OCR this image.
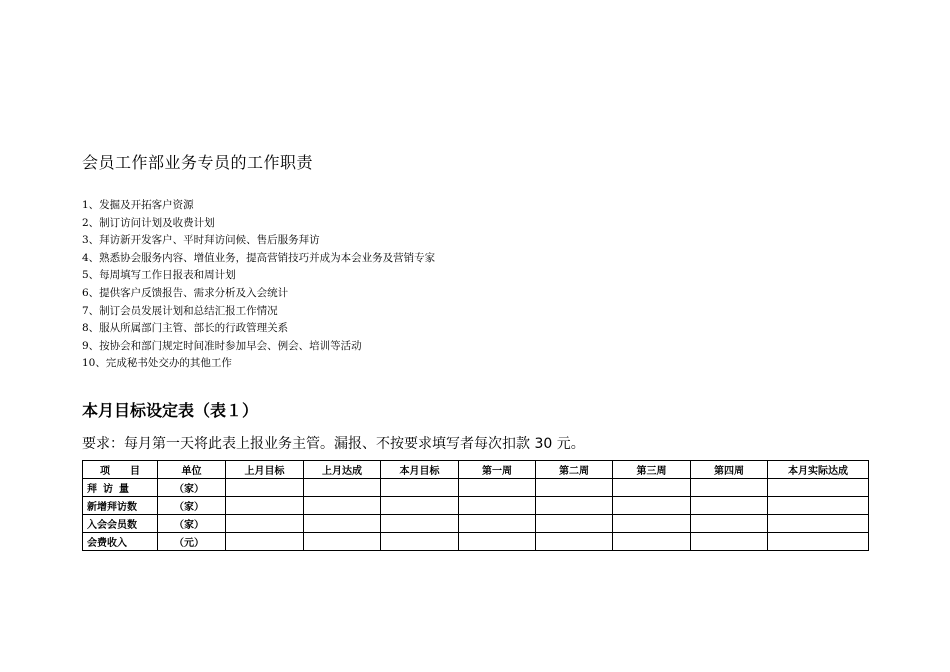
会员工作部业务专员的工作职责
1、发掘及开拓客户资源
2、制订访问计划及收费计划
3、拜访新开发客户、平时拜访问候、售后服务拜访
4、熟悉协会服务内容、增值业务，提高营销技巧并成为本会业务及营销专家
5、每周填写工作日报表和周计划
6、提供客户反馈报告、需求分析及入会统计
7、制订会员发展计划和总结汇报工作情况
8、服从所属部门主管、部长的行政管理关系
9、按协会和部门规定时间准时参加早会、例会、培训等活动
10、完成秘书处交办的其他工作
本月目标设定表（表１）
要求：每月第一天将此表上报业务主管。漏报、不按要求填写者每次扣款 30 元。
项　　目	单位	上月目标	上月达成	本月目标	第一周	第二周	第三周	第四周	本月实际达成
拜访量	（家）								
新增拜访数	（家）								
入会会员数	（家）								
会费收入	（元）								
